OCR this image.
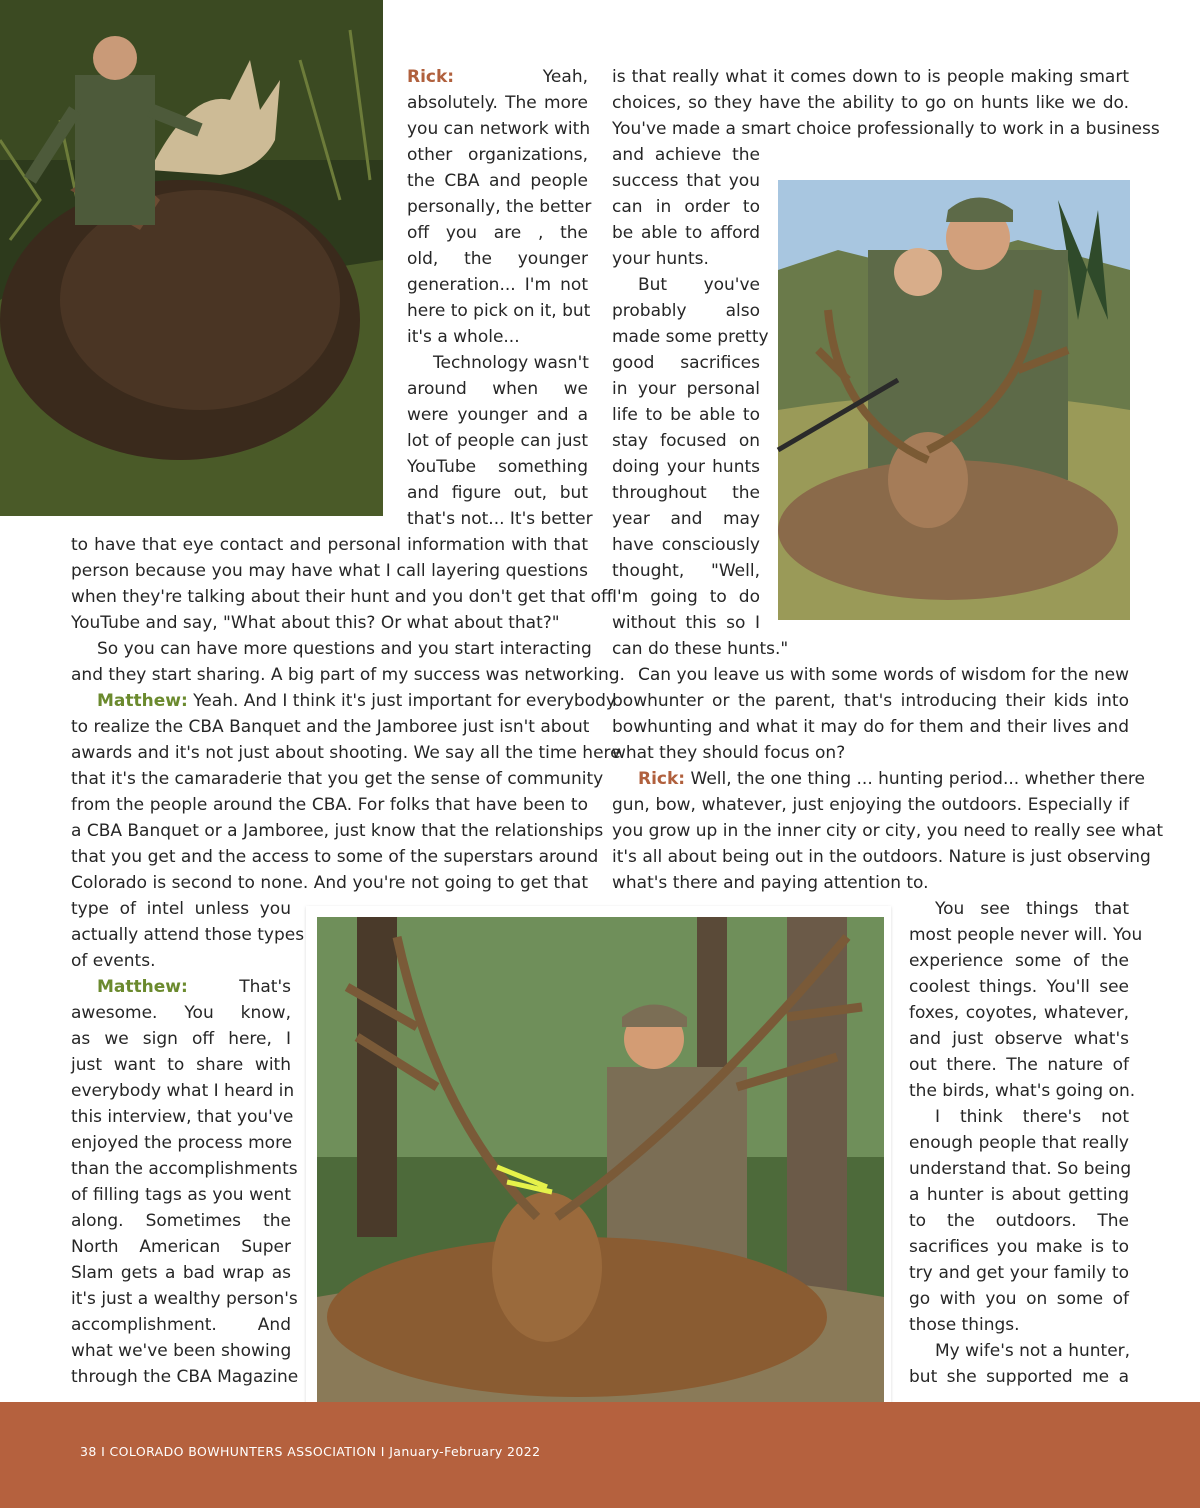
Rick: Yeah,
absolutely. The more
you can network with
other organizations,
the CBA and people
personally, the better
off you are , the
old, the younger
generation... I'm not
here to pick on it, but
it's a whole...
Technology wasn't
around when we
were younger and a
lot of people can just
YouTube something
and figure out, but
that's not... It's better
to have that eye contact and personal information with that
person because you may have what I call layering questions
when they're talking about their hunt and you don't get that off
YouTube and say, "What about this? Or what about that?"
So you can have more questions and you start interacting
and they start sharing. A big part of my success was networking.
Matthew: Yeah. And I think it's just important for everybody
to realize the CBA Banquet and the Jamboree just isn't about
awards and it's not just about shooting. We say all the time here
that it's the camaraderie that you get the sense of community
from the people around the CBA. For folks that have been to
a CBA Banquet or a Jamboree, just know that the relationships
that you get and the access to some of the superstars around
Colorado is second to none. And you're not going to get that
type of intel unless you
actually attend those types
of events.
Matthew: That's
awesome. You know,
as we sign off here, I
just want to share with
everybody what I heard in
this interview, that you've
enjoyed the process more
than the accomplishments
of filling tags as you went
along. Sometimes the
North American Super
Slam gets a bad wrap as
it's just a wealthy person's
accomplishment. And
what we've been showing
through the CBA Magazine
is that really what it comes down to is people making smart
choices, so they have the ability to go on hunts like we do.
You've made a smart choice professionally to work in a business
and achieve the
success that you
can in order to
be able to afford
your hunts.
But you've
probably also
made some pretty
good sacrifices
in your personal
life to be able to
stay focused on
doing your hunts
throughout the
year and may
have consciously
thought, "Well,
I'm going to do
without this so I
can do these hunts."
Can you leave us with some words of wisdom for the new
bowhunter or the parent, that's introducing their kids into
bowhunting and what it may do for them and their lives and
what they should focus on?
Rick: Well, the one thing ... hunting period... whether there
gun, bow, whatever, just enjoying the outdoors. Especially if
you grow up in the inner city or city, you need to really see what
it's all about being out in the outdoors. Nature is just observing
what's there and paying attention to.
You see things that
most people never will. You
experience some of the
coolest things. You'll see
foxes, coyotes, whatever,
and just observe what's
out there. The nature of
the birds, what's going on.
I think there's not
enough people that really
understand that. So being
a hunter is about getting
to the outdoors. The
sacrifices you make is to
try and get your family to
go with you on some of
those things.
My wife's not a hunter,
but she supported me a
38 I COLORADO BOWHUNTERS ASSOCIATION I January-February 2022
